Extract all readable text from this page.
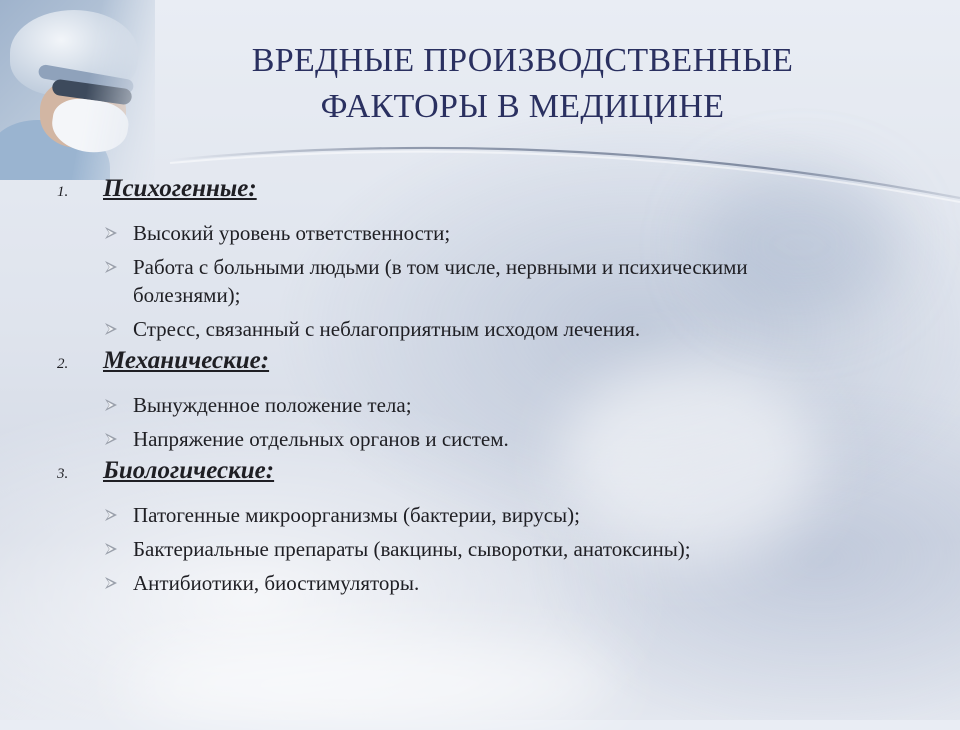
ВРЕДНЫЕ ПРОИЗВОДСТВЕННЫЕ
ФАКТОРЫ В МЕДИЦИНЕ
1.	Психогенные:
Высокий уровень ответственности;
Работа с больными людьми (в том числе, нервными и психическими болезнями);
Стресс, связанный с неблагоприятным исходом лечения.
2.	Механические:
Вынужденное положение тела;
Напряжение отдельных органов и систем.
3.	Биологические:
Патогенные микроорганизмы (бактерии, вирусы);
Бактериальные препараты (вакцины, сыворотки, анатоксины);
Антибиотики, биостимуляторы.
